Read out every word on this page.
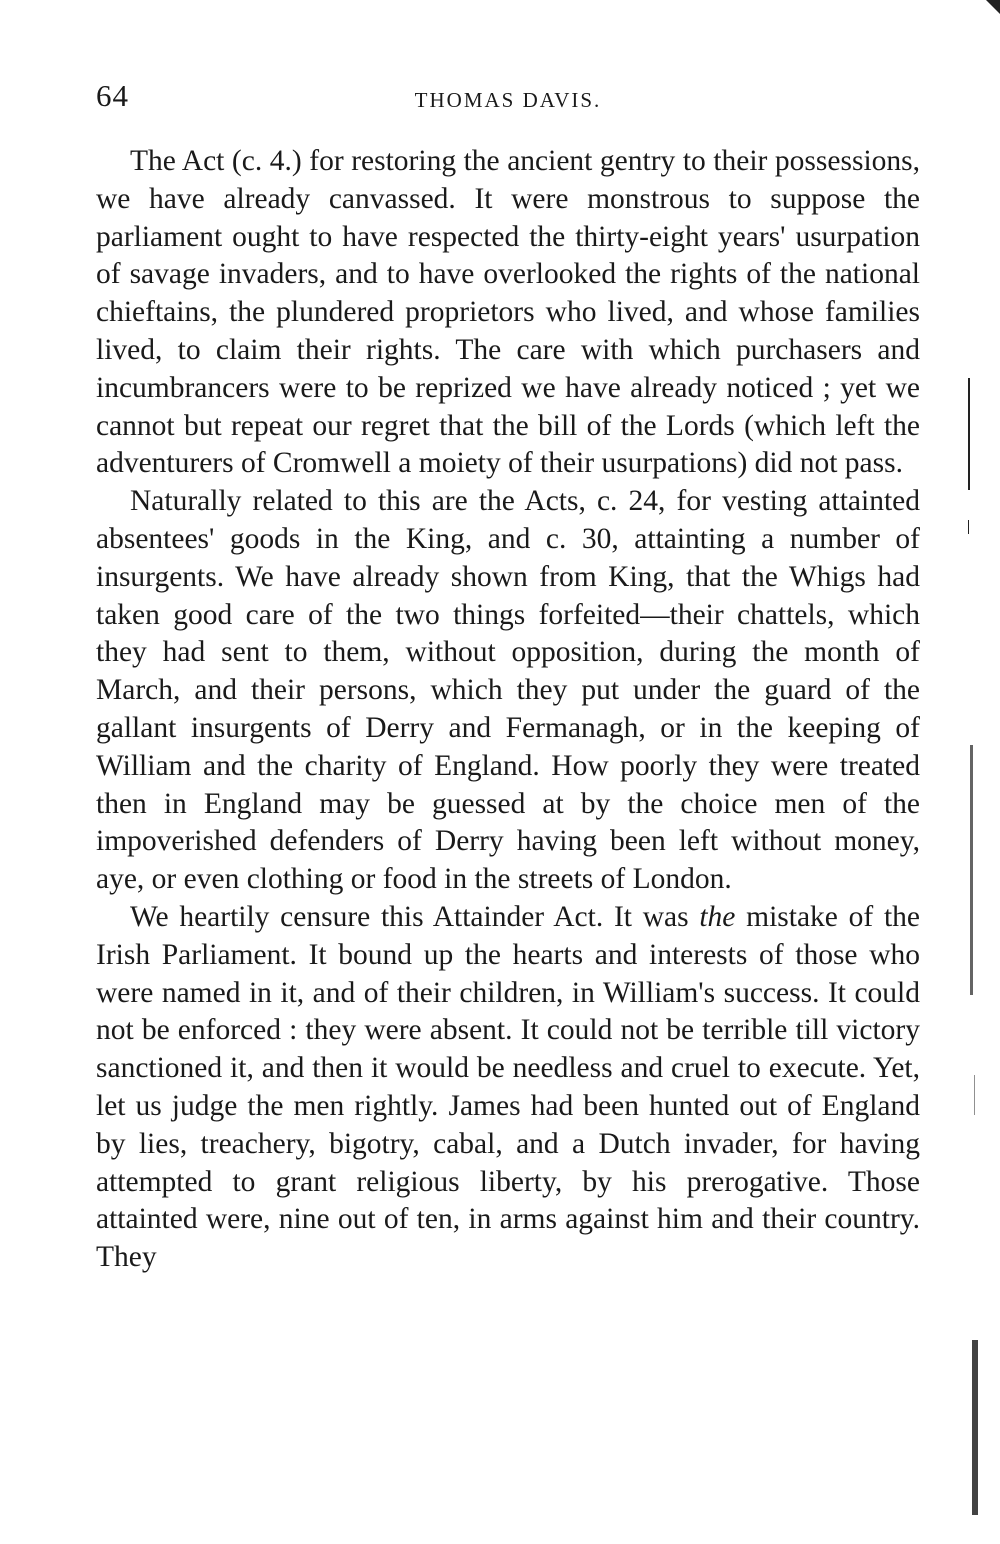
64	THOMAS DAVIS.

The Act (c. 4.) for restoring the ancient gentry to their possessions, we have already canvassed. It were monstrous to suppose the parliament ought to have respected the thirty-eight years' usurpation of savage invaders, and to have overlooked the rights of the national chieftains, the plundered proprietors who lived, and whose families lived, to claim their rights. The care with which purchasers and incumbrancers were to be reprized we have already noticed ; yet we cannot but repeat our regret that the bill of the Lords (which left the adventurers of Cromwell a moiety of their usurpations) did not pass.

Naturally related to this are the Acts, c. 24, for vesting attainted absentees' goods in the King, and c. 30, attainting a number of insurgents. We have already shown from King, that the Whigs had taken good care of the two things forfeited—their chattels, which they had sent to them, without opposition, during the month of March, and their persons, which they put under the guard of the gallant insurgents of Derry and Fermanagh, or in the keeping of William and the charity of England. How poorly they were treated then in England may be guessed at by the choice men of the impoverished defenders of Derry having been left without money, aye, or even clothing or food in the streets of London.

We heartily censure this Attainder Act. It was the mistake of the Irish Parliament. It bound up the hearts and interests of those who were named in it, and of their children, in William's success. It could not be enforced : they were absent. It could not be terrible till victory sanctioned it, and then it would be needless and cruel to execute. Yet, let us judge the men rightly. James had been hunted out of England by lies, treachery, bigotry, cabal, and a Dutch invader, for having attempted to grant religious liberty, by his prerogative. Those attainted were, nine out of ten, in arms against him and their country. They
